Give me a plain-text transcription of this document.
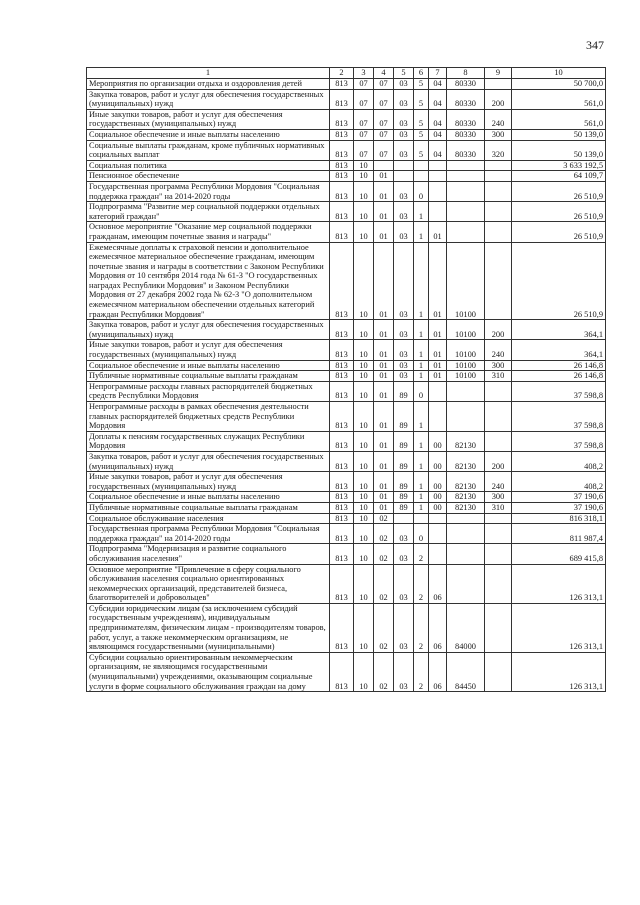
347
1	2	3	4	5	6	7	8	9	10
Мероприятия по организации отдыха и оздоровления детей	813	07	07	03	5	04	80330		50 700,0
Закупка товаров, работ и услуг для обеспечения государственных (муниципальных) нужд	813	07	07	03	5	04	80330	200	561,0
Иные закупки товаров, работ и услуг для обеспечения государственных (муниципальных) нужд	813	07	07	03	5	04	80330	240	561,0
Социальное обеспечение и иные выплаты населению	813	07	07	03	5	04	80330	300	50 139,0
Социальные выплаты гражданам, кроме публичных нормативных социальных выплат	813	07	07	03	5	04	80330	320	50 139,0
Социальная политика	813	10							3 633 192,5
Пенсионное обеспечение	813	10	01						64 109,7
Государственная программа Республики Мордовия "Социальная поддержка граждан" на 2014-2020 годы	813	10	01	03	0				26 510,9
Подпрограмма "Развитие мер социальной поддержки отдельных категорий граждан"	813	10	01	03	1				26 510,9
Основное мероприятие "Оказание мер социальной поддержки гражданам, имеющим почетные звания и награды"	813	10	01	03	1	01			26 510,9
Ежемесячные доплаты к страховой пенсии и дополнительное ежемесячное материальное обеспечение гражданам, имеющим почетные звания и награды в соответствии с Законом Республики Мордовия от 10 сентября 2014 года № 61-З "О государственных наградах Республики Мордовия" и Законом Республики Мордовия от 27 декабря 2002 года № 62-З "О дополнительном ежемесячном материальном обеспечении отдельных категорий граждан Республики Мордовия"	813	10	01	03	1	01	10100		26 510,9
Закупка товаров, работ и услуг для обеспечения государственных (муниципальных) нужд	813	10	01	03	1	01	10100	200	364,1
Иные закупки товаров, работ и услуг для обеспечения государственных (муниципальных) нужд	813	10	01	03	1	01	10100	240	364,1
Социальное обеспечение и иные выплаты населению	813	10	01	03	1	01	10100	300	26 146,8
Публичные нормативные социальные выплаты гражданам	813	10	01	03	1	01	10100	310	26 146,8
Непрограммные расходы главных распорядителей бюджетных средств Республики Мордовия	813	10	01	89	0				37 598,8
Непрограммные расходы в рамках обеспечения деятельности главных распорядителей бюджетных средств Республики Мордовия	813	10	01	89	1				37 598,8
Доплаты к пенсиям государственных служащих Республики Мордовия	813	10	01	89	1	00	82130		37 598,8
Закупка товаров, работ и услуг для обеспечения государственных (муниципальных) нужд	813	10	01	89	1	00	82130	200	408,2
Иные закупки товаров, работ и услуг для обеспечения государственных (муниципальных) нужд	813	10	01	89	1	00	82130	240	408,2
Социальное обеспечение и иные выплаты населению	813	10	01	89	1	00	82130	300	37 190,6
Публичные нормативные социальные выплаты гражданам	813	10	01	89	1	00	82130	310	37 190,6
Социальное обслуживание населения	813	10	02						816 318,1
Государственная программа Республики Мордовия "Социальная поддержка граждан" на 2014-2020 годы	813	10	02	03	0				811 987,4
Подпрограмма "Модернизация и развитие социального обслуживания населения"	813	10	02	03	2				689 415,8
Основное мероприятие "Привлечение в сферу социального обслуживания населения социально ориентированных некоммерческих организаций, представителей бизнеса, благотворителей и добровольцев"	813	10	02	03	2	06			126 313,1
Субсидии юридическим лицам (за исключением субсидий государственным учреждениям), индивидуальным предпринимателям, физическим лицам - производителям товаров, работ, услуг, а также некоммерческим организациям, не являющимся государственными (муниципальными)	813	10	02	03	2	06	84000		126 313,1
Субсидии социально ориентированным некоммерческим организациям, не являющимся государственными (муниципальными) учреждениями, оказывающим социальные услуги в форме социального обслуживания граждан на дому	813	10	02	03	2	06	84450		126 313,1
